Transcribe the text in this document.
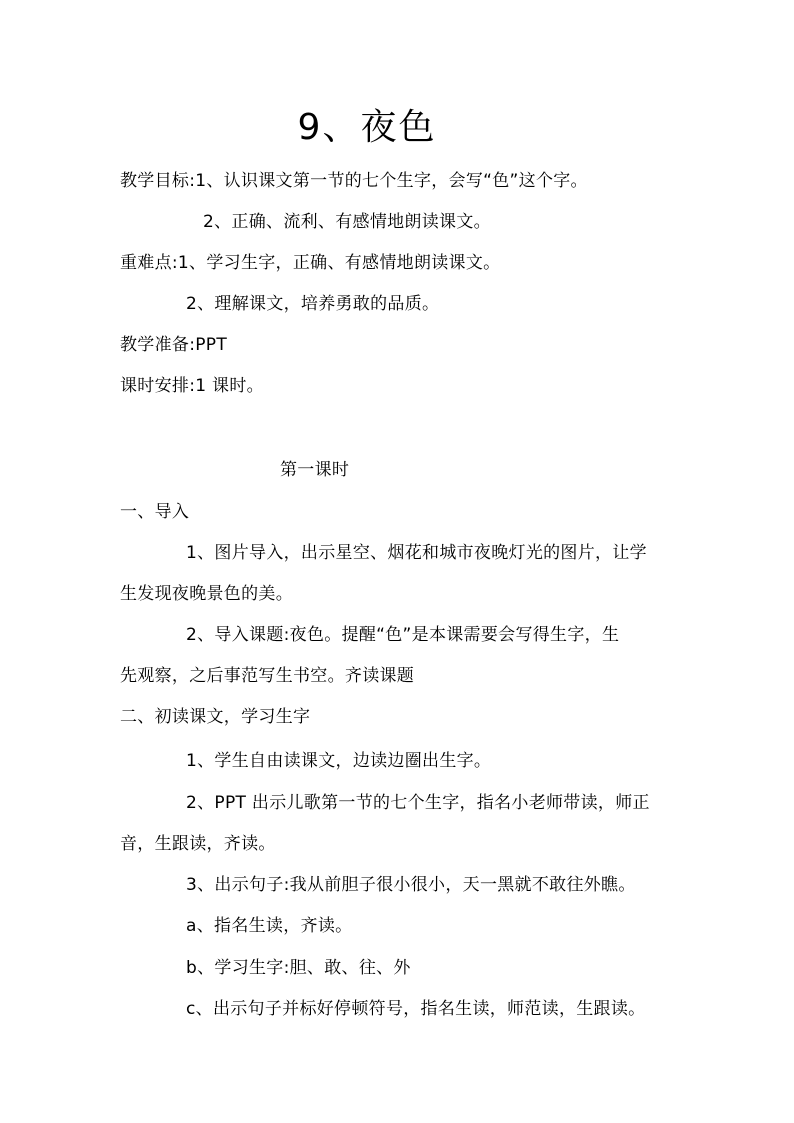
9、夜色
教学目标:1、认识课文第一节的七个生字，会写“色”这个字。
2、正确、流利、有感情地朗读课文。
重难点:1、学习生字，正确、有感情地朗读课文。
2、理解课文，培养勇敢的品质。
教学准备:PPT
课时安排:1 课时。
第一课时
一、导入
1、图片导入，出示星空、烟花和城市夜晚灯光的图片，让学
生发现夜晚景色的美。
2、导入课题:夜色。提醒“色”是本课需要会写得生字，生
先观察，之后事范写生书空。齐读课题
二、初读课文，学习生字
1、学生自由读课文，边读边圈出生字。
2、PPT 出示儿歌第一节的七个生字，指名小老师带读，师正
音，生跟读，齐读。
3、出示句子:我从前胆子很小很小，天一黑就不敢往外瞧。
a、指名生读，齐读。
b、学习生字:胆、敢、往、外
c、出示句子并标好停顿符号，指名生读，师范读，生跟读。
